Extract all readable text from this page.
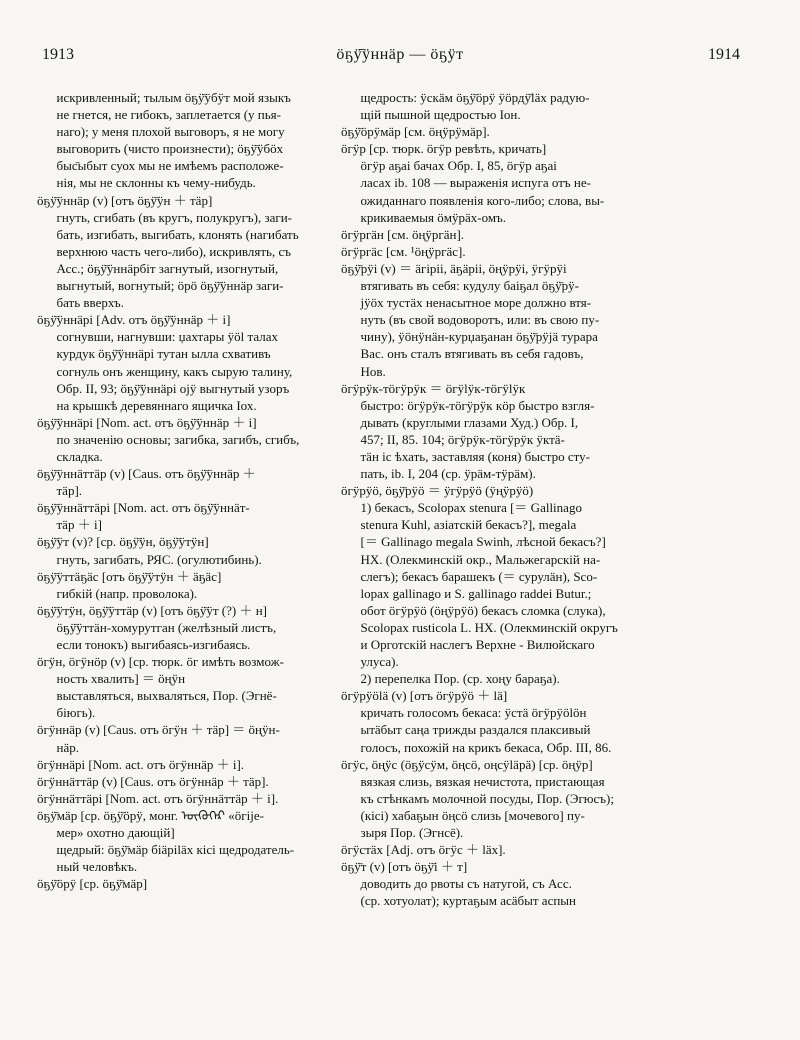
1913	ӧҕӱ̄ӱннäр — ӧҕӱт	1914
  искривленный; тылым ӧҕӱ̄ӱбӱт мой языкъ
  не гнется, не гибокъ, заплетается (у пья-
  наго); у меня плохой выговоръ, я не могу
  выговорить (чисто произнести); ӧҕӱ̄ӱбӧх
  быс̄ыбыт суох мы не имѣемъ расположе-
  нія, мы не склонны къ чему-нибудь.
ӧҕӱ̄ӱннäр (v) [отъ ӧҕӱ̄ӱн ＋ тäр]
  гнуть, сгибать (въ кругъ, полукругъ), заги-
  бать, изгибать, выгибать, клонять (нагибать
  верхнюю часть чего-либо), искривлять, съ
  Асс.; ӧҕӱ̄ӱннäрбiт загнутый, изогнутый,
  выгнутый, вогнутый; ӧрӧ ӧҕӱ̄ӱннäр заги-
  бать вверхъ.
ӧҕӱ̄ӱннäрi [Adv. отъ ӧҕӱ̄ӱннäр ＋ i]
  согнувши, нагнувши: џахтары ӱӧl талах
  курдук ӧҕӱ̄ӱннäрi тутан ылла схвативъ
  согнуль онъ женщину, какъ сырую талину,
  Обр. II, 93; ӧҕӱ̄ӱннäрi ојӱ выгнутый узоръ
  на крышкѣ деревяннаго ящичка Іох.
ӧҕӱ̄ӱннäрi [Nom. act. отъ ӧҕӱ̄ӱннäр ＋ i]
  по значенію основы; загибка, загибъ, сгибъ,
  складка.
ӧҕӱ̄ӱннäттäр (v) [Caus. отъ ӧҕӱ̄ӱннäр ＋
  тäр].
ӧҕӱ̄ӱннäттäрi [Nom. act. отъ ӧҕӱ̄ӱннäт-
  тäр ＋ i]
ӧҕӱ̄ӱт (v)? [ср. ӧҕӱ̄ӱн, ӧҕӱ̄ӱтӱн]
  гнуть, загибать, РЯС. (огулютибинь).
ӧҕӱ̄ӱттäҕäс [отъ ӧҕӱ̄ӱтӱн ＋ äҕäс]
  гибкій (напр. проволока).
ӧҕӱ̄ӱтӱн, ӧҕӱ̄ӱттäр (v) [отъ ӧҕӱ̄ӱт (?) ＋ н]
  ӧҕӱ̄ӱттäн-хомурутган (желѣзный листъ,
  если тонокъ) выгибаясь-изгибаясь.
ӧгӱн, ӧгӱнӧр (v) [ср. тюрк. ӧг имѣть возмож-
  ность хвалить] ＝ ӧңӱн
  выставляться, выхваляться, Пор. (Эгнё-
  біюгь).
ӧгӱннäр (v) [Caus. отъ ӧгӱн ＋ тäр] ＝ ӧңӱн-
  нäр.
ӧгӱннäрi [Nom. act. отъ ӧгӱннäр ＋ i].
ӧгӱннäттäр (v) [Caus. отъ ӧгӱннäр ＋ тäр].
ӧгӱннäттäрi [Nom. act. отъ ӧгӱннäттäр ＋ i].
ӧҕӱ̄мäр [ср. ӧҕӱ̄ӧрӱ, монг. ᠥᠭᠦᠭᠡᠷ «ӧгіје-
  мер» охотно дающій]
  щедрый: ӧҕӱ̄мäр бiäрiläх кiсi щедродатель-
  ный человѣкъ.
ӧҕӱ̄ӧрӱ [ср. ӧҕӱ̄мäр]
  щедрость: ӱскäм ӧҕӱ̄ӧрӱ ӱӧрдӱ̄läх радую-
  щій пышной щедростью Іон.
ӧҕӱ̄ӧрӱмäр [см. ӧңӱрӱмäр].
ӧгӱр [ср. тюрк. ӧгӱр ревѣть, кричать]
  ӧгӱр аҕаі бачах Обр. I, 85, ӧгӱр аҕаі
  ласах ib. 108 — выраженія испуга отъ не-
  ожиданнаго появленія кого-либо; слова, вы-
  крикиваемыя ӧмӱрäх-омъ.
ӧгӱргäн [см. ӧңӱргäн].
ӧгӱргäс [см. ¹ӧңӱргäс].
ӧҕӱ̄рӱi (v) ＝ äгiрii, äҕäрii, ӧңӱрӱi, ӱгӱрӱi
  втягивать въ себя: кудулу баіҕал ӧҕӱ̄рӱ-
  јӱӧх тустäх ненасытное море должно втя-
  нуть (въ свой водоворотъ, или: въ свою пу-
  чину), ӱӧнӱнäн-курџаҕанан ӧҕӱ̄рӱјä турара
  Вас. онъ сталъ втягивать въ себя гадовъ,
  Нов.
ӧгӱрӱк-тӧгӱрӱк ＝ ӧгӱlӱк-тӧгӱlӱк
  быстро: ӧгӱрӱк-тӧгӱрӱк кӧр быстро взгля-
  дывать (круглыми глазами Худ.) Обр. I,
  457; II, 85. 104; ӧгӱрӱк-тӧгӱрӱк ӱктä-
  тäн iс ѣхать, заставляя (коня) быстро сту-
  пать, ib. I, 204 (ср. ӱрäм-тӱрäм).
ӧгӱрӱӧ, ӧҕӱ̄рӱӧ ＝ ӱгӱрӱӧ (ӱңӱрӱӧ)
  1) бекасъ, Scolopax stenura [＝ Gallinago
  stenura Kuhl, азіатскій бекасъ?], megala
  [＝ Gallinago megala Swinh, лѣсной бекасъ?]
  НХ. (Олекминскій окр., Мальжегарскій на-
  слегъ); бекасъ барашекъ (＝ сурулäн), Sco-
  lopax gallinago и S. gallinago raddei Butur.;
  обот ӧгӱрӱӧ (ӧңӱрӱӧ) бекасъ сломка (слука),
  Scolopax rusticola L. НХ. (Олекминскій округъ
  и Орготскій наслегъ Верхне - Вилюйскаго
  улуса).
  2) перепелка Пор. (ср. хоңу бараҕа).
ӧгӱрӱӧlä (v) [отъ ӧгӱрӱӧ ＋ lä]
  кричать голосомъ бекаса: ӱстä ӧгӱрӱӧlӧн
  ытäбыт саңа трижды раздался плаксивый
  голосъ, похожій на крикъ бекаса, Обр. III, 86.
ӧгӱс, ӧңӱс (ӧҕӱсӱм, ӧңсӧ, оңсӱläрä) [ср. ӧңӱр]
  вязкая слизь, вязкая нечистота, пристающая
  къ стѣнкамъ молочной посуды, Пор. (Эгюсъ);
  (кiсi) хабаҕын ӧңсӧ слизь [мочевого] пу-
  зыря Пор. (Эгнсё).
ӧгӱстäх [Adj. отъ ӧгӱс ＋ läх].
ӧҕӱ̄т (v) [отъ ӧҕӱ̄i ＋ т]
  доводить до рвоты съ натугой, съ Асс.
  (ср. хотуолат); куртаҕым асäбыт аспын
